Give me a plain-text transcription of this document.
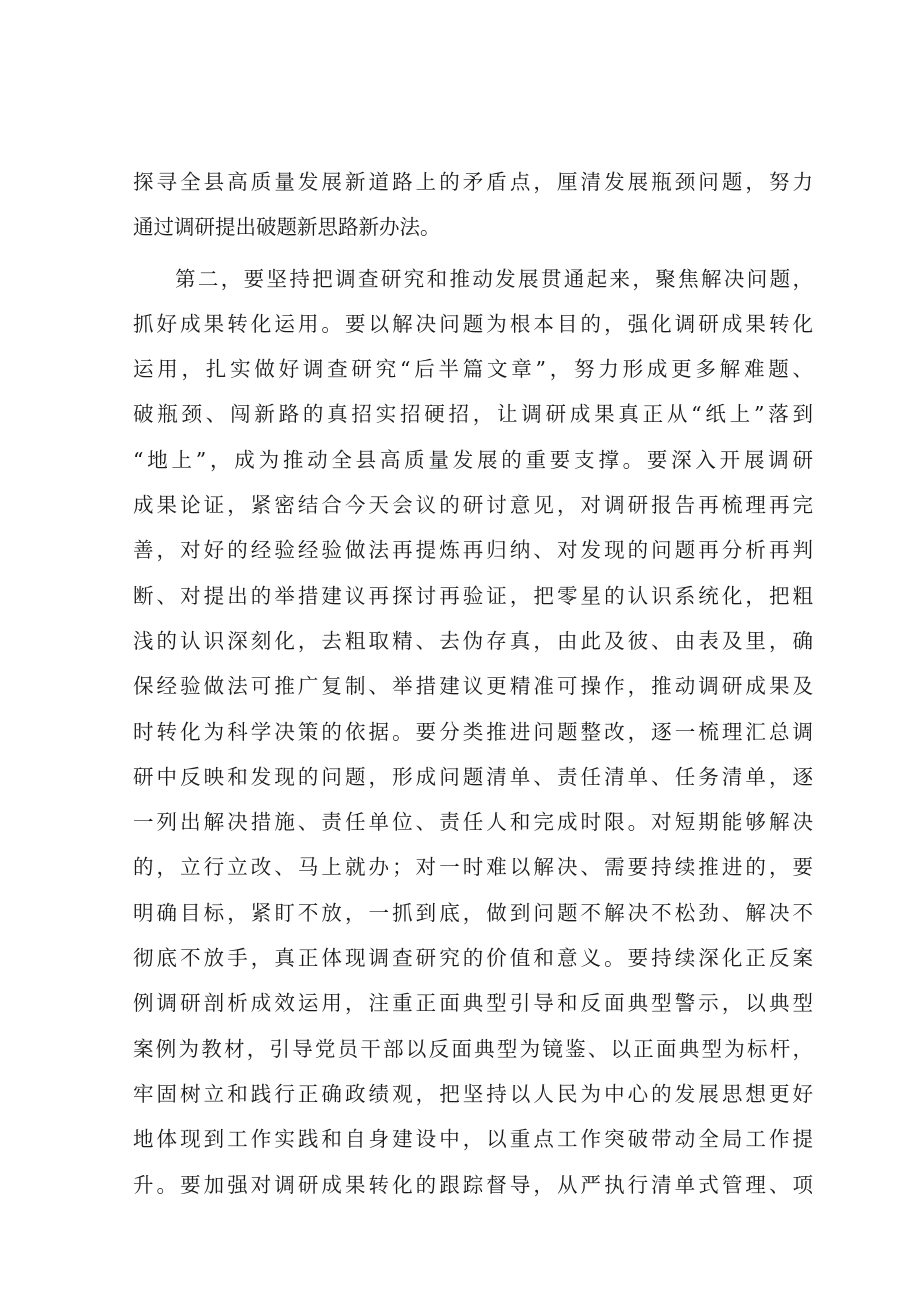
探寻全县高质量发展新道路上的矛盾点，厘清发展瓶颈问题，努力
通过调研提出破题新思路新办法。
第二，要坚持把调查研究和推动发展贯通起来，聚焦解决问题，
抓好成果转化运用。要以解决问题为根本目的，强化调研成果转化
运用，扎实做好调查研究“后半篇文章”，努力形成更多解难题、
破瓶颈、闯新路的真招实招硬招，让调研成果真正从“纸上”落到
“地上”，成为推动全县高质量发展的重要支撑。要深入开展调研
成果论证，紧密结合今天会议的研讨意见，对调研报告再梳理再完
善，对好的经验经验做法再提炼再归纳、对发现的问题再分析再判
断、对提出的举措建议再探讨再验证，把零星的认识系统化，把粗
浅的认识深刻化，去粗取精、去伪存真，由此及彼、由表及里，确
保经验做法可推广复制、举措建议更精准可操作，推动调研成果及
时转化为科学决策的依据。要分类推进问题整改，逐一梳理汇总调
研中反映和发现的问题，形成问题清单、责任清单、任务清单，逐
一列出解决措施、责任单位、责任人和完成时限。对短期能够解决
的，立行立改、马上就办；对一时难以解决、需要持续推进的，要
明确目标，紧盯不放，一抓到底，做到问题不解决不松劲、解决不
彻底不放手，真正体现调查研究的价值和意义。要持续深化正反案
例调研剖析成效运用，注重正面典型引导和反面典型警示，以典型
案例为教材，引导党员干部以反面典型为镜鉴、以正面典型为标杆，
牢固树立和践行正确政绩观，把坚持以人民为中心的发展思想更好
地体现到工作实践和自身建设中，以重点工作突破带动全局工作提
升。要加强对调研成果转化的跟踪督导，从严执行清单式管理、项
